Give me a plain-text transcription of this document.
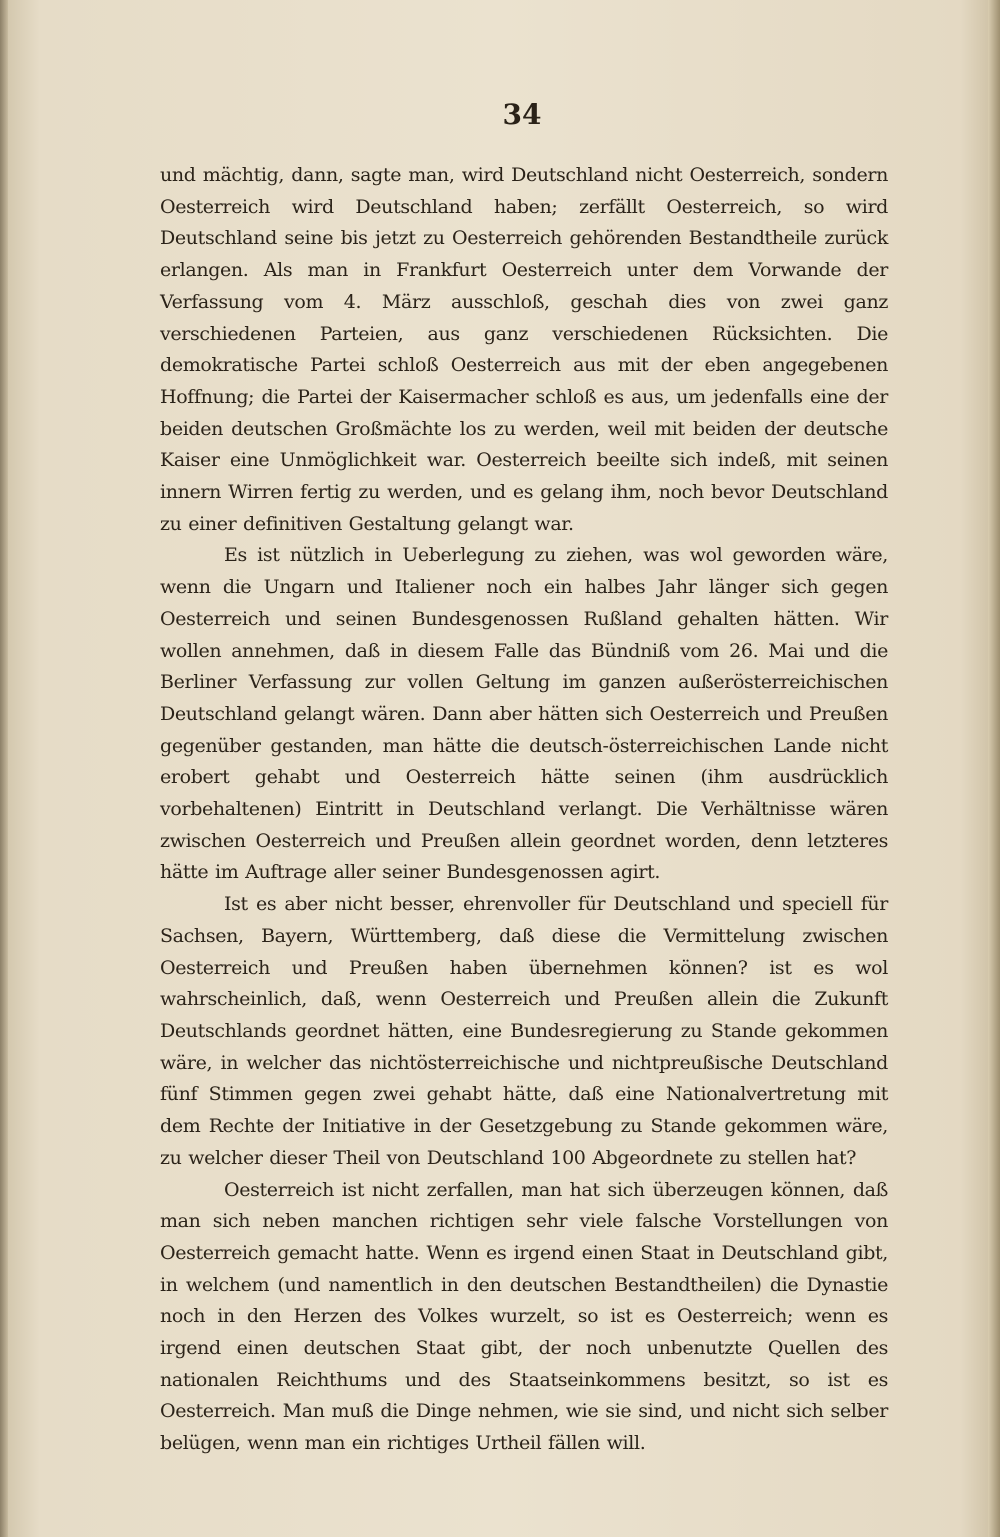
34

und mächtig, dann, sagte man, wird Deutschland nicht Oesterreich, sondern Oesterreich wird Deutschland haben; zerfällt Oesterreich, so wird Deutschland seine bis jetzt zu Oesterreich gehörenden Bestandtheile zurück erlangen. Als man in Frankfurt Oesterreich unter dem Vorwande der Verfassung vom 4. März ausschloß, geschah dies von zwei ganz verschiedenen Parteien, aus ganz verschiedenen Rücksichten. Die demokratische Partei schloß Oesterreich aus mit der eben angegebenen Hoffnung; die Partei der Kaisermacher schloß es aus, um jedenfalls eine der beiden deutschen Großmächte los zu werden, weil mit beiden der deutsche Kaiser eine Unmöglichkeit war. Oesterreich beeilte sich indeß, mit seinen innern Wirren fertig zu werden, und es gelang ihm, noch bevor Deutschland zu einer definitiven Gestaltung gelangt war.

Es ist nützlich in Ueberlegung zu ziehen, was wol geworden wäre, wenn die Ungarn und Italiener noch ein halbes Jahr länger sich gegen Oesterreich und seinen Bundesgenossen Rußland gehalten hätten. Wir wollen annehmen, daß in diesem Falle das Bündniß vom 26. Mai und die Berliner Verfassung zur vollen Geltung im ganzen außerösterreichischen Deutschland gelangt wären. Dann aber hätten sich Oesterreich und Preußen gegenüber gestanden, man hätte die deutsch-österreichischen Lande nicht erobert gehabt und Oesterreich hätte seinen (ihm ausdrücklich vorbehaltenen) Eintritt in Deutschland verlangt. Die Verhältnisse wären zwischen Oesterreich und Preußen allein geordnet worden, denn letzteres hätte im Auftrage aller seiner Bundesgenossen agirt.

Ist es aber nicht besser, ehrenvoller für Deutschland und speciell für Sachsen, Bayern, Württemberg, daß diese die Vermittelung zwischen Oesterreich und Preußen haben übernehmen können? ist es wol wahrscheinlich, daß, wenn Oesterreich und Preußen allein die Zukunft Deutschlands geordnet hätten, eine Bundesregierung zu Stande gekommen wäre, in welcher das nichtösterreichische und nichtpreußische Deutschland fünf Stimmen gegen zwei gehabt hätte, daß eine Nationalvertretung mit dem Rechte der Initiative in der Gesetzgebung zu Stande gekommen wäre, zu welcher dieser Theil von Deutschland 100 Abgeordnete zu stellen hat?

Oesterreich ist nicht zerfallen, man hat sich überzeugen können, daß man sich neben manchen richtigen sehr viele falsche Vorstellungen von Oesterreich gemacht hatte. Wenn es irgend einen Staat in Deutschland gibt, in welchem (und namentlich in den deutschen Bestandtheilen) die Dynastie noch in den Herzen des Volkes wurzelt, so ist es Oesterreich; wenn es irgend einen deutschen Staat gibt, der noch unbenutzte Quellen des nationalen Reichthums und des Staatseinkommens besitzt, so ist es Oesterreich. Man muß die Dinge nehmen, wie sie sind, und nicht sich selber belügen, wenn man ein richtiges Urtheil fällen will.
